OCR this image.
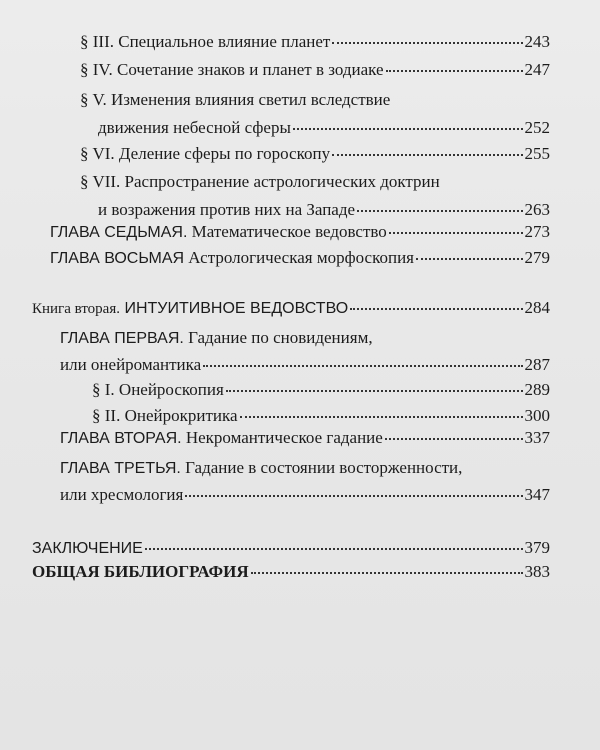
§ III. Специальное влияние планет	243
§ IV. Сочетание знаков и планет в зодиаке	247
§ V. Изменения влияния светил вследствие
движения небесной сферы	252
§ VI. Деление сферы по гороскопу	255
§ VII. Распространение астрологических доктрин
и возражения против них на Западе	263
ГЛАВА СЕДЬМАЯ. Математическое ведовство	273
ГЛАВА ВОСЬМАЯ Астрологическая морфоскопия	279
Книга вторая. ИНТУИТИВНОЕ ВЕДОВСТВО	284
ГЛАВА ПЕРВАЯ. Гадание по сновидениям,
или онейромантика	287
§ I. Онейроскопия	289
§ II. Онейрокритика	300
ГЛАВА ВТОРАЯ. Некромантическое гадание	337
ГЛАВА ТРЕТЬЯ. Гадание в состоянии восторженности,
или хресмология	347
ЗАКЛЮЧЕНИЕ	379
ОБЩАЯ БИБЛИОГРАФИЯ	383
